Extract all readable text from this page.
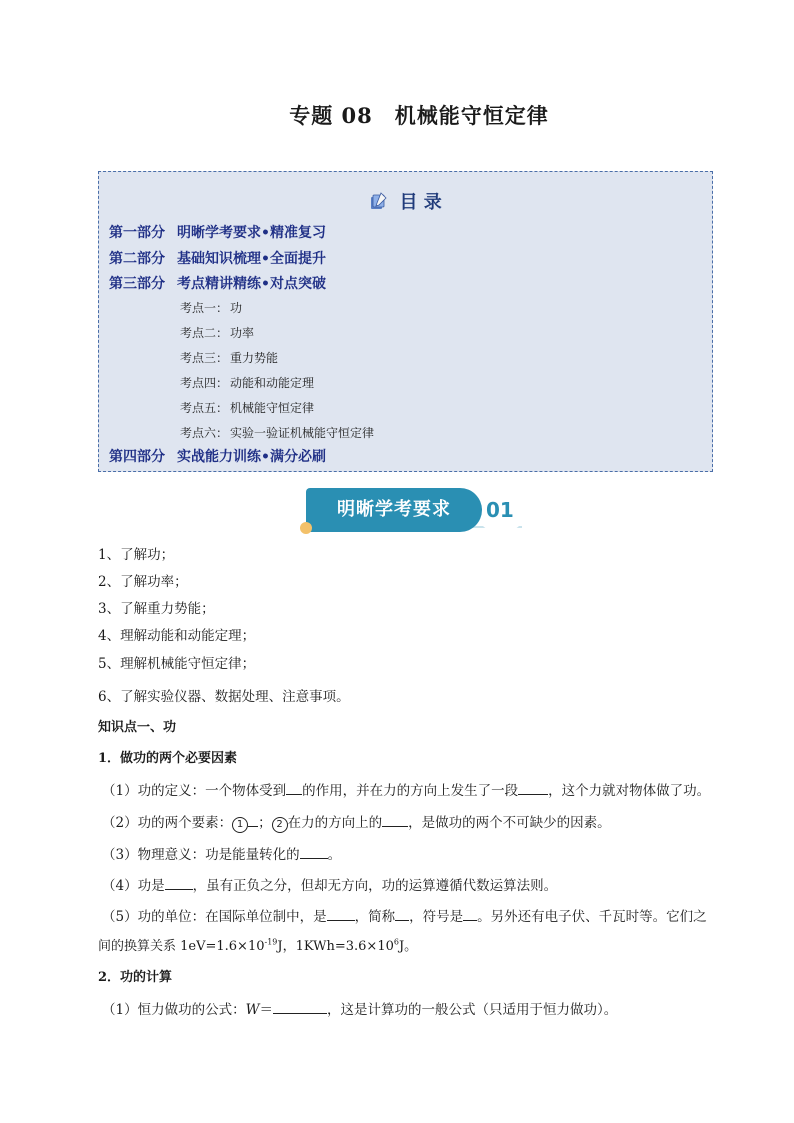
专题 08　机械能守恒定律
目 录
第一部分 明晰学考要求•精准复习
第二部分 基础知识梳理•全面提升
第三部分 考点精讲精练•对点突破
考点一： 功
考点二： 功率
考点三： 重力势能
考点四： 动能和动能定理
考点五： 机械能守恒定律
考点六： 实验一验证机械能守恒定律
第四部分 实战能力训练•满分必刷
明晰学考要求	01
1、了解功；
2、了解功率；
3、了解重力势能；
4、理解动能和动能定理；
5、理解机械能守恒定律；
6、了解实验仪器、数据处理、注意事项。
知识点一、功
1．做功的两个必要因素
（1）功的定义：一个物体受到 的作用，并在力的方向上发生了一段 ，这个力就对物体做了功。
（2）功的两个要素： 1 ； 2 在力的方向上的 ，是做功的两个不可缺少的因素。
（3）物理意义：功是能量转化的 。
（4）功是 ，虽有正负之分，但却无方向，功的运算遵循代数运算法则。
（5）功的单位：在国际单位制中，是 ，简称 ，符号是 。另外还有电子伏、千瓦时等。它们之
间的换算关系 $1eV=1.6\times 10^{-19}J$，$1KWh=3.6\times 10^6J$。
2．功的计算
（1）恒力做功的公式：W＝	，这是计算功的一般公式（只适用于恒力做功）。
